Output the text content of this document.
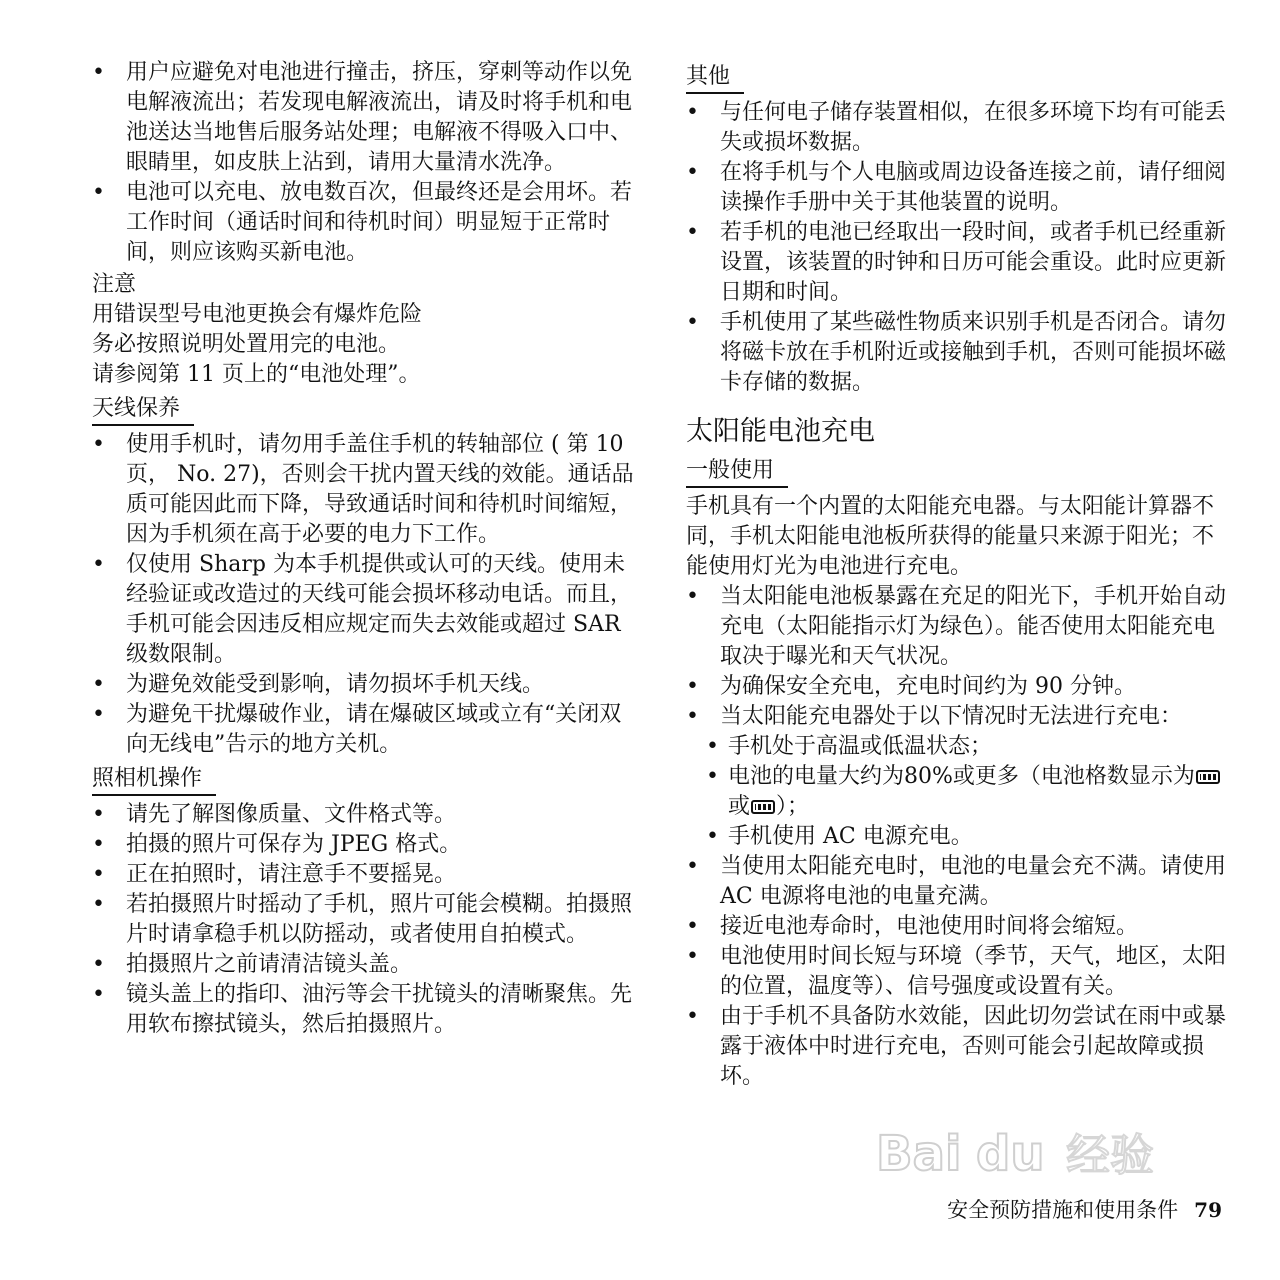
• 用户应避免对电池进行撞击，挤压，穿刺等动作以免电解液流出；若发现电解液流出，请及时将手机和电池送达当地售后服务站处理；电解液不得吸入口中、眼睛里，如皮肤上沾到，请用大量清水洗净。
• 电池可以充电、放电数百次，但最终还是会用坏。若工作时间（通话时间和待机时间）明显短于正常时间，则应该购买新电池。

注意

用错误型号电池更换会有爆炸危险

务必按照说明处置用完的电池。

请参阅第 11 页上的“电池处理”。

天线保养
• 使用手机时，请勿用手盖住手机的转轴部位 ( 第 10 页， No. 27)，否则会干扰内置天线的效能。通话品质可能因此而下降，导致通话时间和待机时间缩短，因为手机须在高于必要的电力下工作。
• 仅使用 Sharp 为本手机提供或认可的天线。使用未经验证或改造过的天线可能会损坏移动电话。而且，手机可能会因违反相应规定而失去效能或超过 SAR 级数限制。
• 为避免效能受到影响，请勿损坏手机天线。
• 为避免干扰爆破作业，请在爆破区域或立有“关闭双向无线电”告示的地方关机。
照相机操作
• 请先了解图像质量、文件格式等。
• 拍摄的照片可保存为 JPEG 格式。
• 正在拍照时，请注意手不要摇晃。
• 若拍摄照片时摇动了手机，照片可能会模糊。拍摄照片时请拿稳手机以防摇动，或者使用自拍模式。
• 拍摄照片之前请清洁镜头盖。
• 镜头盖上的指印、油污等会干扰镜头的清晰聚焦。先用软布擦拭镜头，然后拍摄照片。
其他
• 与任何电子储存装置相似，在很多环境下均有可能丢失或损坏数据。
• 在将手机与个人电脑或周边设备连接之前，请仔细阅读操作手册中关于其他装置的说明。
• 若手机的电池已经取出一段时间，或者手机已经重新设置，该装置的时钟和日历可能会重设。此时应更新日期和时间。
• 手机使用了某些磁性物质来识别手机是否闭合。请勿将磁卡放在手机附近或接触到手机，否则可能损坏磁卡存储的数据。
太阳能电池充电
一般使用

手机具有一个内置的太阳能充电器。与太阳能计算器不同，手机太阳能电池板所获得的能量只来源于阳光；不能使用灯光为电池进行充电。

• 当太阳能电池板暴露在充足的阳光下，手机开始自动充电（太阳能指示灯为绿色）。能否使用太阳能充电取决于曝光和天气状况。
• 为确保安全充电，充电时间约为 90 分钟。
• 当太阳能充电器处于以下情况时无法进行充电：
• 手机处于高温或低温状态；
• 电池的电量大约为80%或更多（电池格数显示为或 ）；
• 手机使用 AC 电源充电。
• 当使用太阳能充电时，电池的电量会充不满。请使用 AC 电源将电池的电量充满。
• 接近电池寿命时，电池使用时间将会缩短。
• 电池使用时间长短与环境（季节，天气，地区，太阳的位置，温度等）、信号强度或设置有关。
• 由于手机不具备防水效能，因此切勿尝试在雨中或暴露于液体中时进行充电，否则可能会引起故障或损坏。
Bai du 经验
安全预防措施和使用条件 79
